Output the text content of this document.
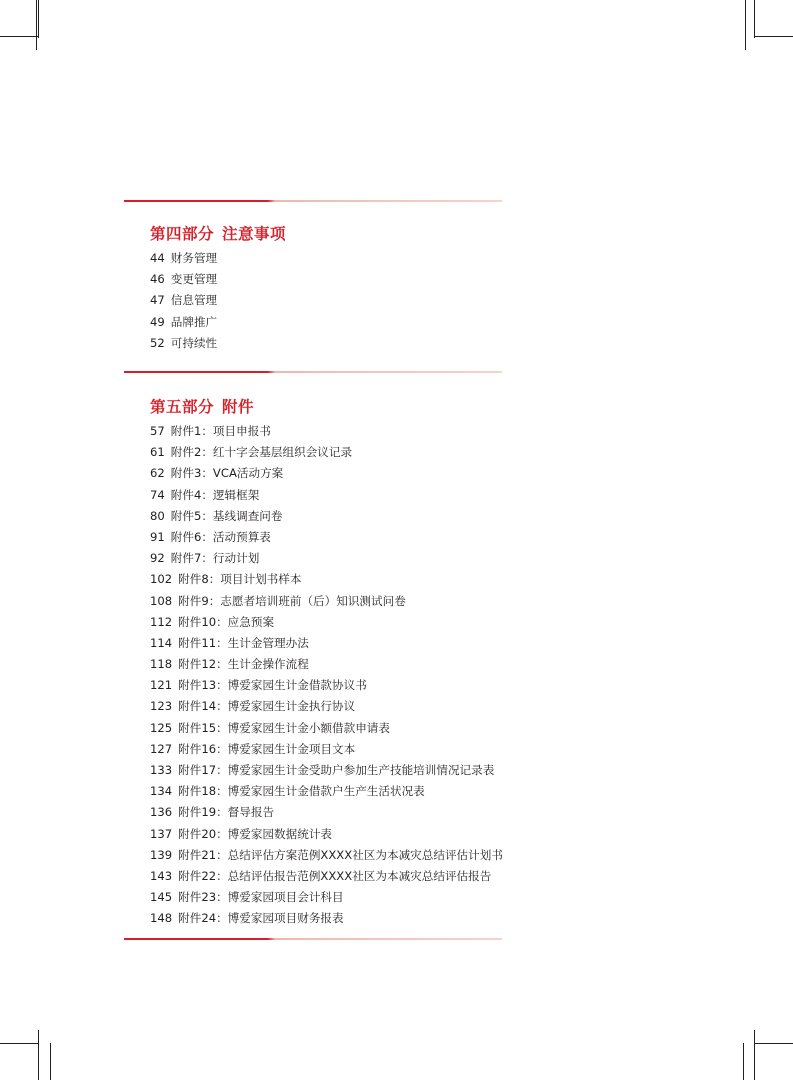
第四部分 注意事项
44 财务管理
46 变更管理
47 信息管理
49 品牌推广
52 可持续性
第五部分 附件
57 附件1：项目申报书
61 附件2：红十字会基层组织会议记录
62 附件3：VCA活动方案
74 附件4：逻辑框架
80 附件5：基线调查问卷
91 附件6：活动预算表
92 附件7：行动计划
102 附件8：项目计划书样本
108 附件9：志愿者培训班前（后）知识测试问卷
112 附件10：应急预案
114 附件11：生计金管理办法
118 附件12：生计金操作流程
121 附件13：博爱家园生计金借款协议书
123 附件14：博爱家园生计金执行协议
125 附件15：博爱家园生计金小额借款申请表
127 附件16：博爱家园生计金项目文本
133 附件17：博爱家园生计金受助户参加生产技能培训情况记录表
134 附件18：博爱家园生计金借款户生产生活状况表
136 附件19：督导报告
137 附件20：博爱家园数据统计表
139 附件21：总结评估方案范例XXXX社区为本减灾总结评估计划书
143 附件22：总结评估报告范例XXXX社区为本减灾总结评估报告
145 附件23：博爱家园项目会计科目
148 附件24：博爱家园项目财务报表
